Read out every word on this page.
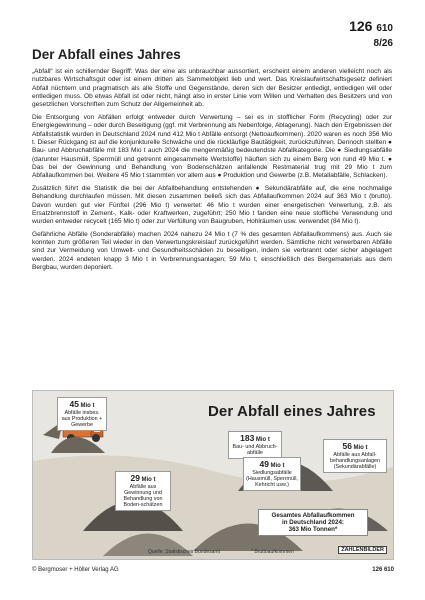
126 610
8/26
Der Abfall eines Jahres

„Abfall“ ist ein schillernder Begriff: Was der eine als unbrauchbar aussortiert, erscheint einem anderen vielleicht noch als nutzbares Wirtschaftsgut oder ist einem dritten als Sammelobjekt lieb und wert. Das Kreislaufwirtschaftsgesetz definiert Abfall nüchtern und pragmatisch als alle Stoffe und Gegenstände, deren sich der Besitzer entledigt, entledigen will oder entledigen muss. Ob etwas Abfall ist oder nicht, hängt also in erster Linie vom Willen und Verhalten des Besitzers und von gesetzlichen Vorschriften zum Schutz der Allgemeinheit ab.

Die Entsorgung von Abfällen erfolgt entweder durch Verwertung – sei es in stofflicher Form (Recycling) oder zur Energiegewinnung – oder durch Beseitigung (ggf. mit Verbrennung als Nebenfolge, Ablagerung). Nach den Ergebnissen der Abfallstatistik wurden in Deutschland 2024 rund 412 Mio t Abfälle entsorgt (Nettoaufkommen). 2020 waren es noch 356 Mio t. Dieser Rückgang ist auf die konjunkturelle Schwäche und die rückläufige Bautätigkeit, zurückzuführen. Dennoch stellten ● Bau- und Abbruchabfälle mit 183 Mio t auch 2024 die mengenmäßig bedeutendste Abfallkategorie. Die ● Siedlungsabfälle (darunter Hausmüll, Sperrmüll und getrennt eingesammelte Wertstoffe) häuften sich zu einem Berg von rund 49 Mio t. ● Das bei der Gewinnung und Behandlung von Bodenschätzen anfallende Restmaterial trug mit 29 Mio t zum Abfallaufkommen bei. Weitere 45 Mio t stammten vor allem aus ● Produktion und Gewerbe (z.B. Metallabfälle, Schlacken).

Zusätzlich führt die Statistik die bei der Abfallbehandlung entstehenden ● Sekundärabfälle auf, die eine nochmalige Behandlung durchlaufen müssen. Mit diesen zusammen beließ sich das Abfallaufkommen 2024 auf 363 Mio t (brutto). Davon wurden gut vier Fünftel (296 Mio t) verwertet: 46 Mio t wurden einer energetischen Verwertung, z.B. als Ersatzbrennstoff in Zement-, Kalk- oder Kraftwerken, zugeführt; 250 Mio t fanden eine neue stoffliche Verwendung und wurden entweder recycelt (165 Mio t) oder zur Verfüllung von Baugruben, Hohlräumen usw. verwendet (84 Mio t).

Gefährliche Abfälle (Sonderabfälle) machen 2024 nahezu 24 Mio t (7 % des gesamten Abfallaufkommens) aus. Auch sie konnten zum größeren Teil wieder in den Verwertungskreislauf zurückgeführt werden. Sämtliche nicht verwerbaren Abfälle sind zur Vermeidung von Umwelt- und Gesundheitsschäden zu beseitigen, indem sie verbrannt oder sicher abgelagert werden. 2024 endeten knapp 3 Mio t in Verbrennungsanlagen; 59 Mio t, einschließlich des Bergematerials aus dem Bergbau, wurden deponiert.

Der Abfall eines Jahres
45 Mio t
Abfälle insbes. aus Produktion + Gewerbe
183 Mio t
Bau- und Abbruch-abfälle
29 Mio t
Abfälle aus Gewinnung und Behandlung von Boden-schätzen
49 Mio t
Siedlungsabfälle (Hausmüll, Sperrmüll, Kehricht usw.)
56 Mio t
Abfälle aus Abfall-behandlungsanlagen (Sekundärabfälle)
Gesamtes Abfallaufkommen
in Deutschland 2024:
363 Mio Tonnen*
Quelle: Statistisches Bundesamt	* Bruttoaufkommen	ZAHLENBILDER
© Bergmoser + Höller Verlag AG	126 610
